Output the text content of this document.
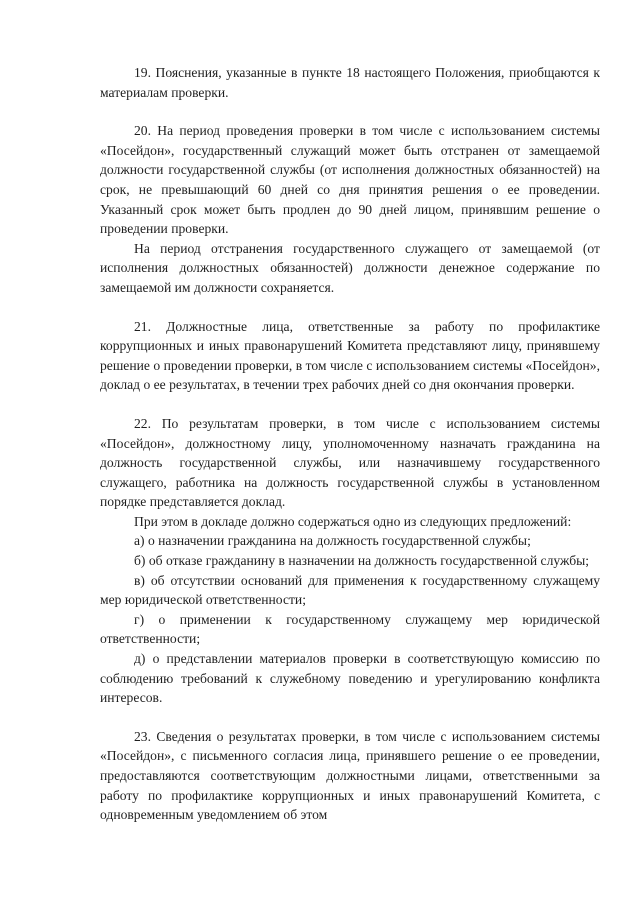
19. Пояснения, указанные в пункте 18 настоящего Положения, приобщаются к материалам проверки.

20. На период проведения проверки в том числе с использованием системы «Посейдон», государственный служащий может быть отстранен от замещаемой должности государственной службы (от исполнения должностных обязанностей) на срок, не превышающий 60 дней со дня принятия решения о ее проведении. Указанный срок может быть продлен до 90 дней лицом, принявшим решение о проведении проверки.

На период отстранения государственного служащего от замещаемой (от исполнения должностных обязанностей) должности денежное содержание по замещаемой им должности сохраняется.

21. Должностные лица, ответственные за работу по профилактике коррупционных и иных правонарушений Комитета представляют лицу, принявшему решение о проведении проверки, в том числе с использованием системы «Посейдон», доклад о ее результатах, в течении трех рабочих дней со дня окончания проверки.

22. По результатам проверки, в том числе с использованием системы «Посейдон», должностному лицу, уполномоченному назначать гражданина на должность государственной службы, или назначившему государственного служащего, работника на должность государственной службы в установленном порядке представляется доклад.

При этом в докладе должно содержаться одно из следующих предложений:

а) о назначении гражданина на должность государственной службы;

б) об отказе гражданину в назначении на должность государственной службы;

в) об отсутствии оснований для применения к государственному служащему мер юридической ответственности;

г) о применении к государственному служащему мер юридической ответственности;

д) о представлении материалов проверки в соответствующую комиссию по соблюдению требований к служебному поведению и урегулированию конфликта интересов.

23. Сведения о результатах проверки, в том числе с использованием системы «Посейдон», с письменного согласия лица, принявшего решение о ее проведении, предоставляются соответствующим должностными лицами, ответственными за работу по профилактике коррупционных и иных правонарушений Комитета, с одновременным уведомлением об этом
